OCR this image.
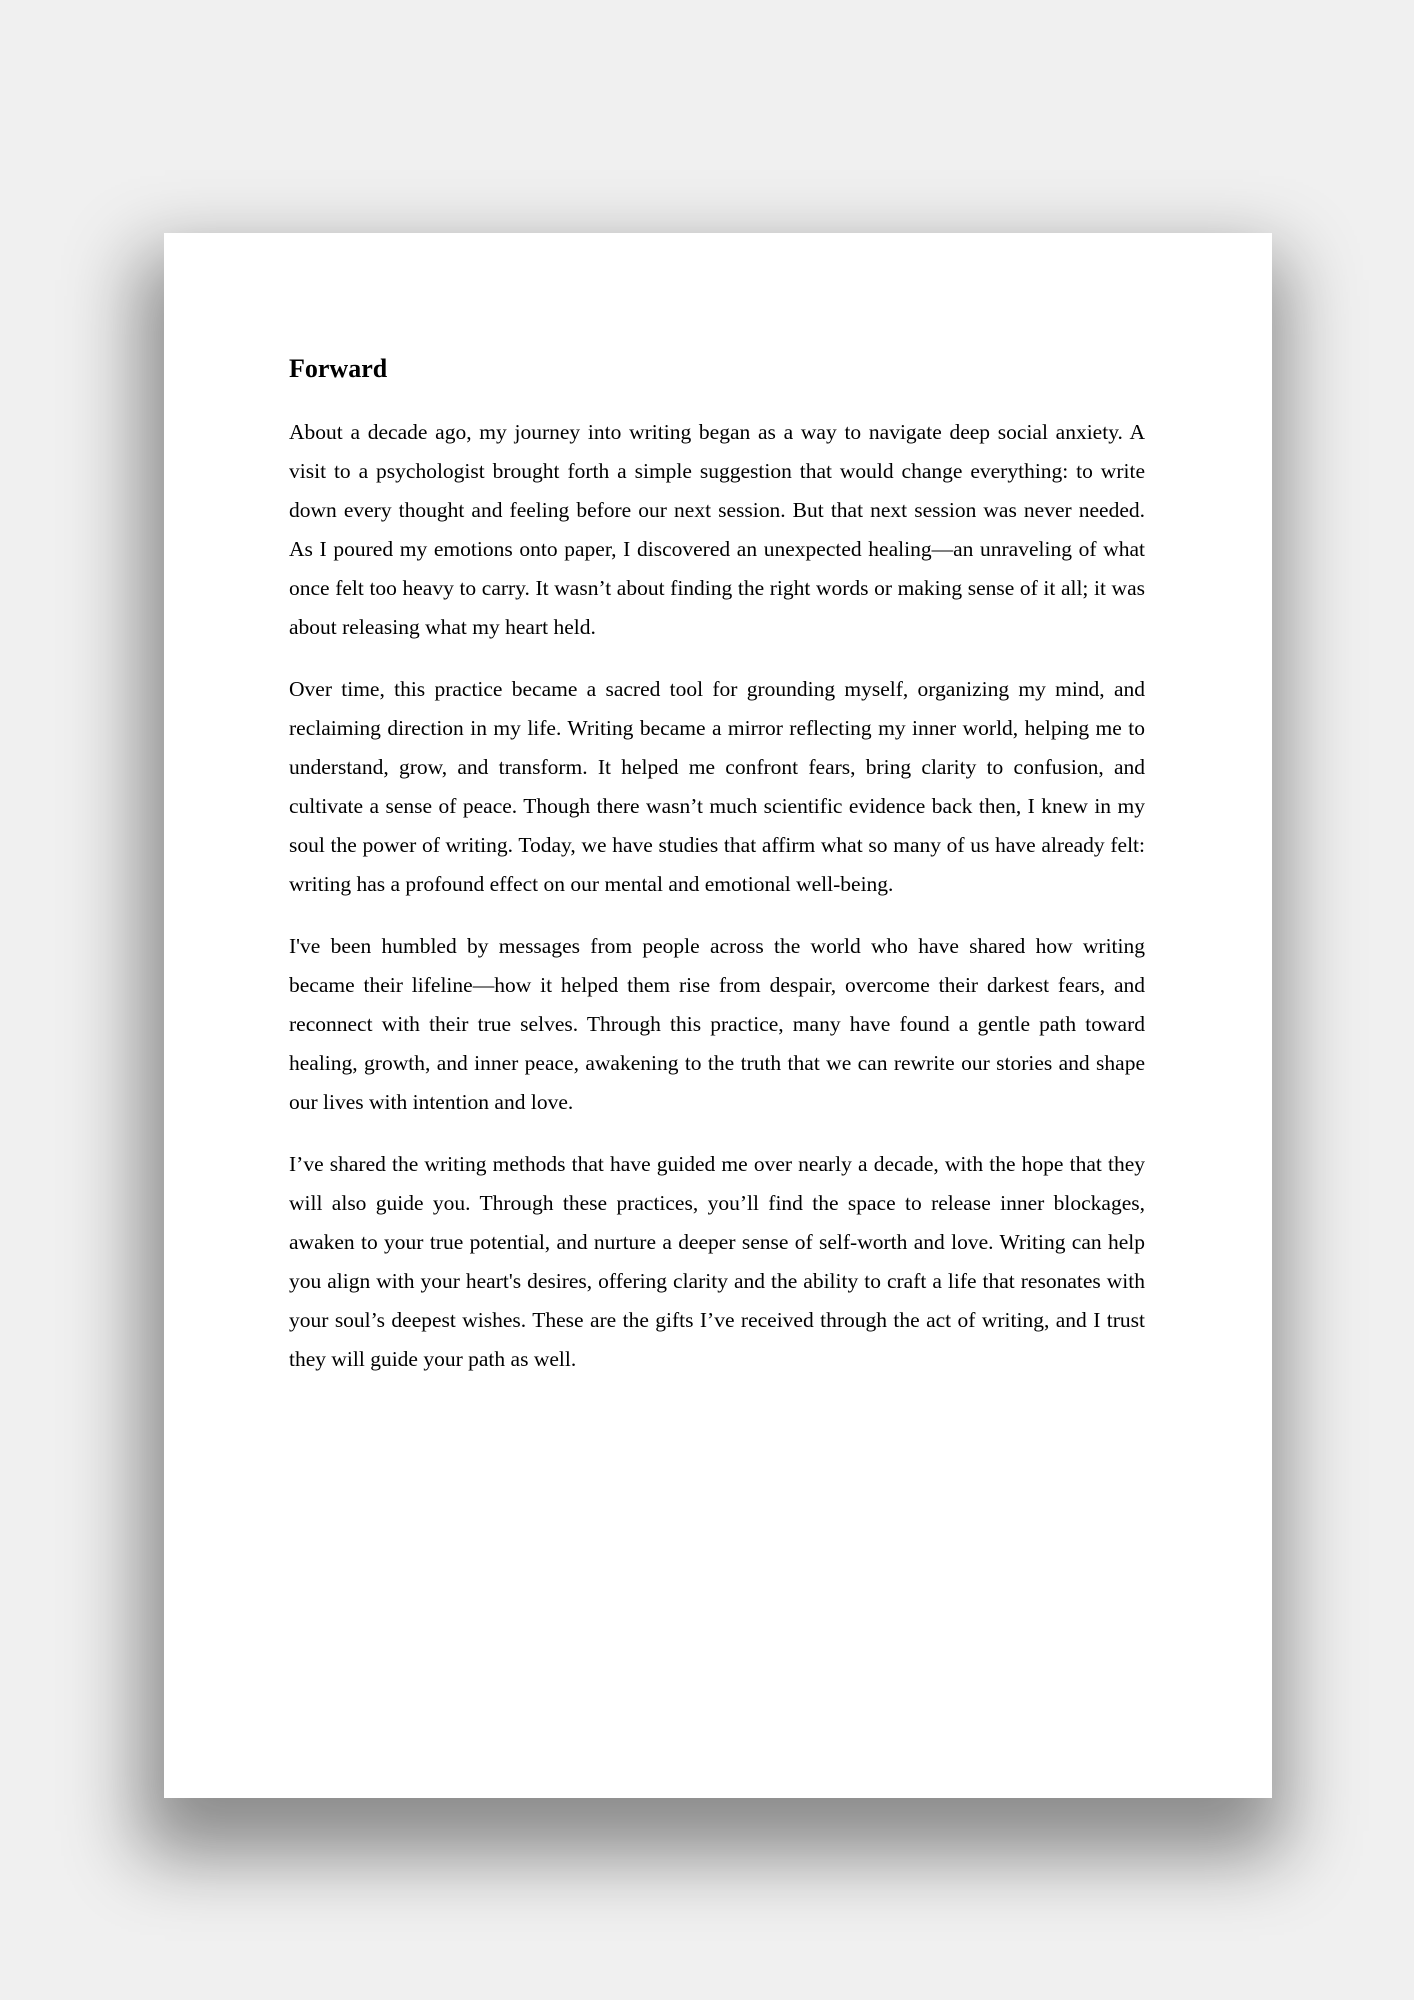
Forward

About a decade ago, my journey into writing began as a way to navigate deep social anxiety. A visit to a psychologist brought forth a simple suggestion that would change everything: to write down every thought and feeling before our next session. But that next session was never needed. As I poured my emotions onto paper, I discovered an unexpected healing—an unraveling of what once felt too heavy to carry. It wasn’t about finding the right words or making sense of it all; it was about releasing what my heart held.

Over time, this practice became a sacred tool for grounding myself, organizing my mind, and reclaiming direction in my life. Writing became a mirror reflecting my inner world, helping me to understand, grow, and transform. It helped me confront fears, bring clarity to confusion, and cultivate a sense of peace. Though there wasn’t much scientific evidence back then, I knew in my soul the power of writing. Today, we have studies that affirm what so many of us have already felt: writing has a profound effect on our mental and emotional well-being.

I've been humbled by messages from people across the world who have shared how writing became their lifeline—how it helped them rise from despair, overcome their darkest fears, and reconnect with their true selves. Through this practice, many have found a gentle path toward healing, growth, and inner peace, awakening to the truth that we can rewrite our stories and shape our lives with intention and love.

I’ve shared the writing methods that have guided me over nearly a decade, with the hope that they will also guide you. Through these practices, you’ll find the space to release inner blockages, awaken to your true potential, and nurture a deeper sense of self-worth and love. Writing can help you align with your heart's desires, offering clarity and the ability to craft a life that resonates with your soul’s deepest wishes. These are the gifts I’ve received through the act of writing, and I trust they will guide your path as well.
